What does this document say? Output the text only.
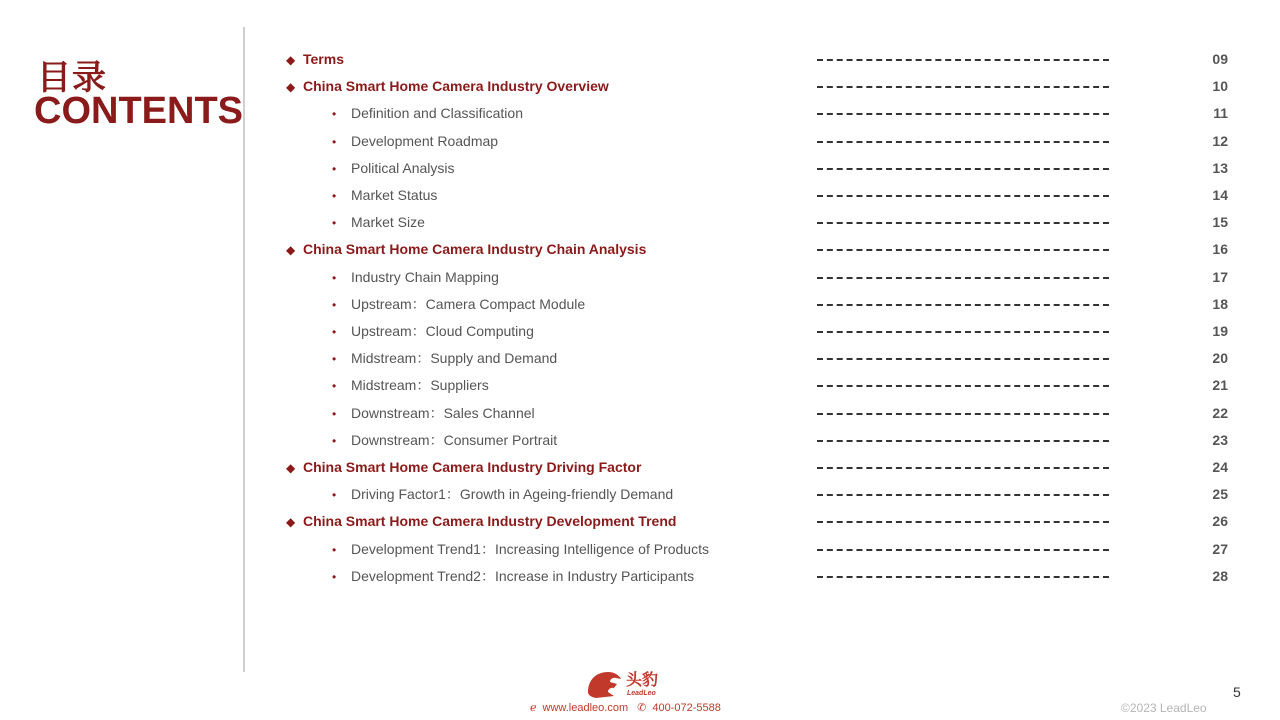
目录
CONTENTS
◆ Terms	09
◆ China Smart Home Camera Industry Overview	10
• Definition and Classification	11
• Development Roadmap	12
• Political Analysis	13
• Market Status	14
• Market Size	15
◆ China Smart Home Camera Industry Chain Analysis	16
• Industry Chain Mapping	17
• Upstream：Camera Compact Module	18
• Upstream：Cloud Computing	19
• Midstream：Supply and Demand	20
• Midstream：Suppliers	21
• Downstream：Sales Channel	22
• Downstream：Consumer Portrait	23
◆ China Smart Home Camera Industry Driving Factor	24
• Driving Factor1：Growth in Ageing-friendly Demand	25
◆ China Smart Home Camera Industry Development Trend	26
• Development Trend1：Increasing Intelligence of Products	27
• Development Trend2：Increase in Industry Participants	28
头豹
LeadLeo
ℯ www.leadleo.com ✆ 400-072-5588	©2023 LeadLeo
5
